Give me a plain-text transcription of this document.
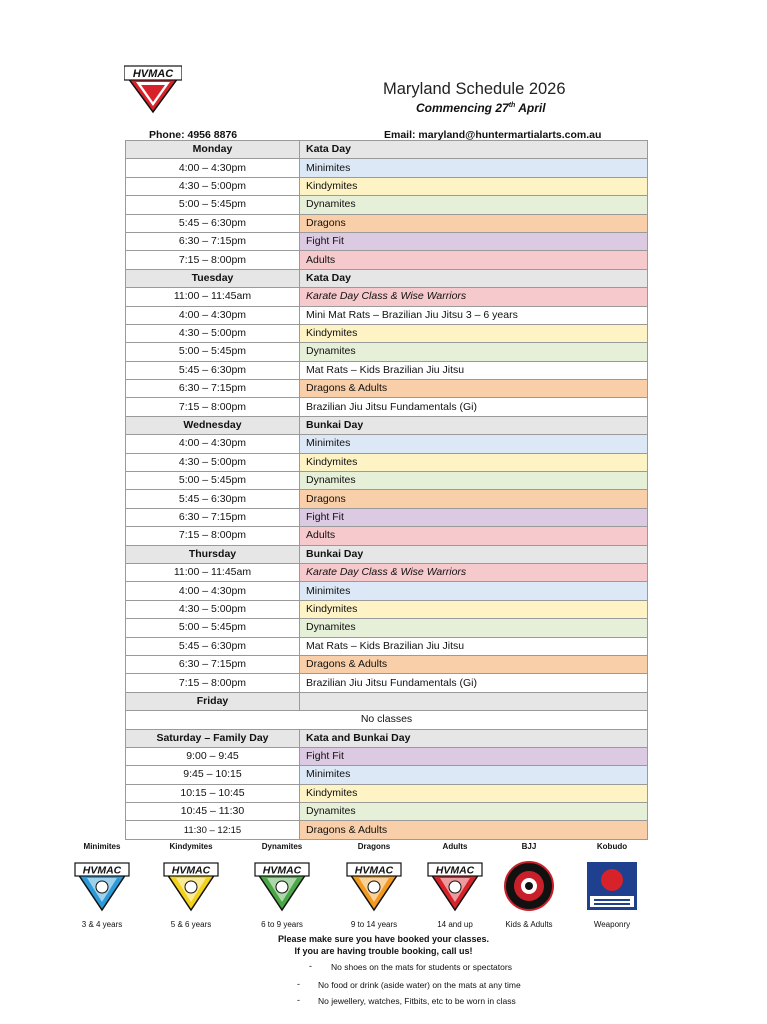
HVMAC
Maryland Schedule 2026
Commencing 27th April
Phone: 4956 8876	Email: maryland@huntermartialarts.com.au
Monday	Kata Day
4:00 – 4:30pm	Minimites
4:30 – 5:00pm	Kindymites
5:00 – 5:45pm	Dynamites
5:45 – 6:30pm	Dragons
6:30 – 7:15pm	Fight Fit
7:15 – 8:00pm	Adults
Tuesday	Kata Day
11:00 – 11:45am	Karate Day Class & Wise Warriors
4:00 – 4:30pm	Mini Mat Rats – Brazilian Jiu Jitsu 3 – 6 years
4:30 – 5:00pm	Kindymites
5:00 – 5:45pm	Dynamites
5:45 – 6:30pm	Mat Rats – Kids Brazilian Jiu Jitsu
6:30 – 7:15pm	Dragons & Adults
7:15 – 8:00pm	Brazilian Jiu Jitsu Fundamentals (Gi)
Wednesday	Bunkai Day
4:00 – 4:30pm	Minimites
4:30 – 5:00pm	Kindymites
5:00 – 5:45pm	Dynamites
5:45 – 6:30pm	Dragons
6:30 – 7:15pm	Fight Fit
7:15 – 8:00pm	Adults
Thursday	Bunkai Day
11:00 – 11:45am	Karate Day Class & Wise Warriors
4:00 – 4:30pm	Minimites
4:30 – 5:00pm	Kindymites
5:00 – 5:45pm	Dynamites
5:45 – 6:30pm	Mat Rats – Kids Brazilian Jiu Jitsu
6:30 – 7:15pm	Dragons & Adults
7:15 – 8:00pm	Brazilian Jiu Jitsu Fundamentals (Gi)
Friday	
No classes	
Saturday – Family Day	Kata and Bunkai Day
9:00 – 9:45	Fight Fit
9:45 – 10:15	Minimites
10:15 – 10:45	Kindymites
10:45 – 11:30	Dynamites
11:30 – 12:15	Dragons & Adults
Minimites
HVMAC
3 & 4 years
Kindymites
HVMAC
5 & 6 years
Dynamites
HVMAC
6 to 9 years
Dragons
HVMAC
9 to 14 years
Adults
HVMAC
14 and up
BJJ
Kids & Adults
Kobudo
Weaponry
Please make sure you have booked your classes.
If you are having trouble booking, call us!
- No shoes on the mats for students or spectators
- No food or drink (aside water) on the mats at any time
- No jewellery, watches, Fitbits, etc to be worn in class
